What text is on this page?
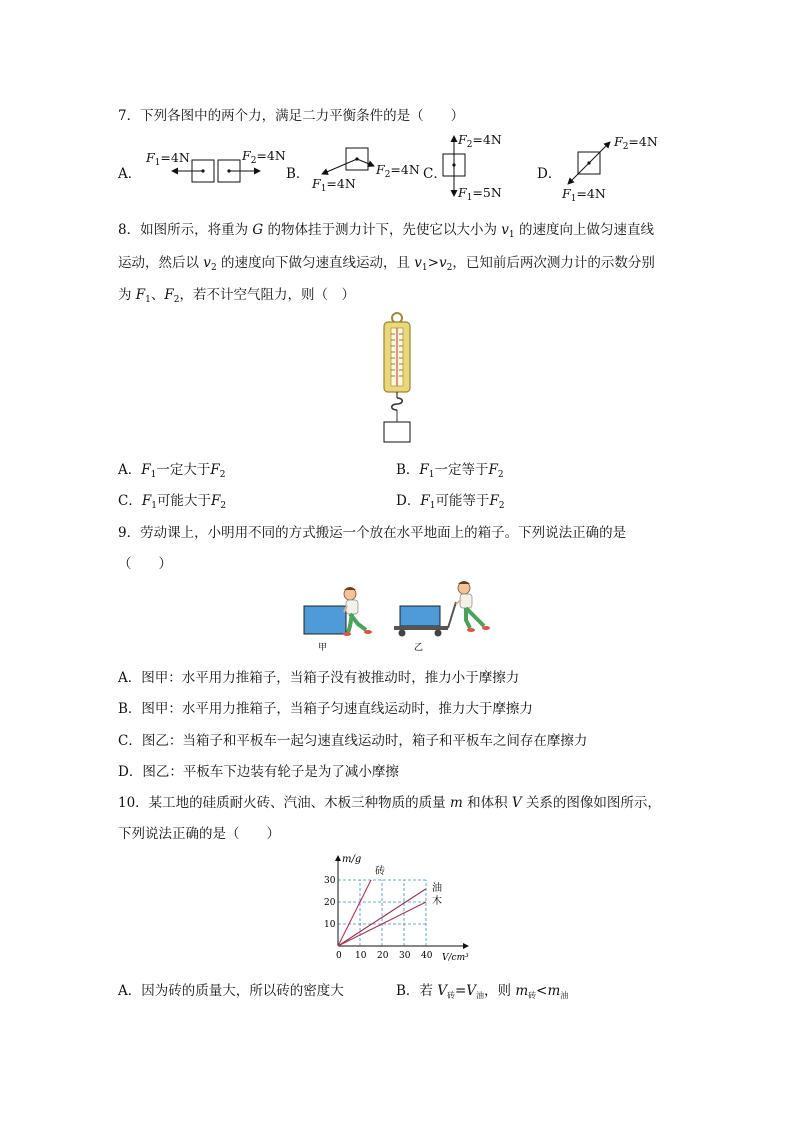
7．下列各图中的两个力，满足二力平衡条件的是（　　）
A．
$F_1=4N$	$F_2=4N$
B．
$F_1=4N$
$F_2=4N$ C．
$F_2=4N$
$F_1=5N$
D．
$F_2=4N$
$F_1=4N$
8．如图所示，将重为 G 的物体挂于测力计下，先使它以大小为 $v_1$ 的速度向上做匀速直线
运动，然后以 $v_2$ 的速度向下做匀速直线运动，且 $v_1>v_2$，已知前后两次测力计的示数分别
为 $F_1$、$F_2$，若不计空气阻力，则（　）
A．$F_1$一定大于$F_2$	B．$F_1$一定等于$F_2$
C．$F_1$可能大于$F_2$	D．$F_1$可能等于$F_2$
9．劳动课上，小明用不同的方式搬运一个放在水平地面上的箱子。下列说法正确的是
（　　）
甲	乙
A．图甲：水平用力推箱子，当箱子没有被推动时，推力小于摩擦力
B．图甲：水平用力推箱子，当箱子匀速直线运动时，推力大于摩擦力
C．图乙：当箱子和平板车一起匀速直线运动时，箱子和平板车之间存在摩擦力
D．图乙：平板车下边装有轮子是为了减小摩擦
10．某工地的硅质耐火砖、汽油、木板三种物质的质量 m 和体积 V 关系的图像如图所示，
下列说法正确的是（　　）
0 10 20 30 40
10
20
30
m/g
V/cm³
砖
油
木
A．因为砖的质量大，所以砖的密度大	B．若 $V_砖=V_油$，则 $m_砖<m_油$
